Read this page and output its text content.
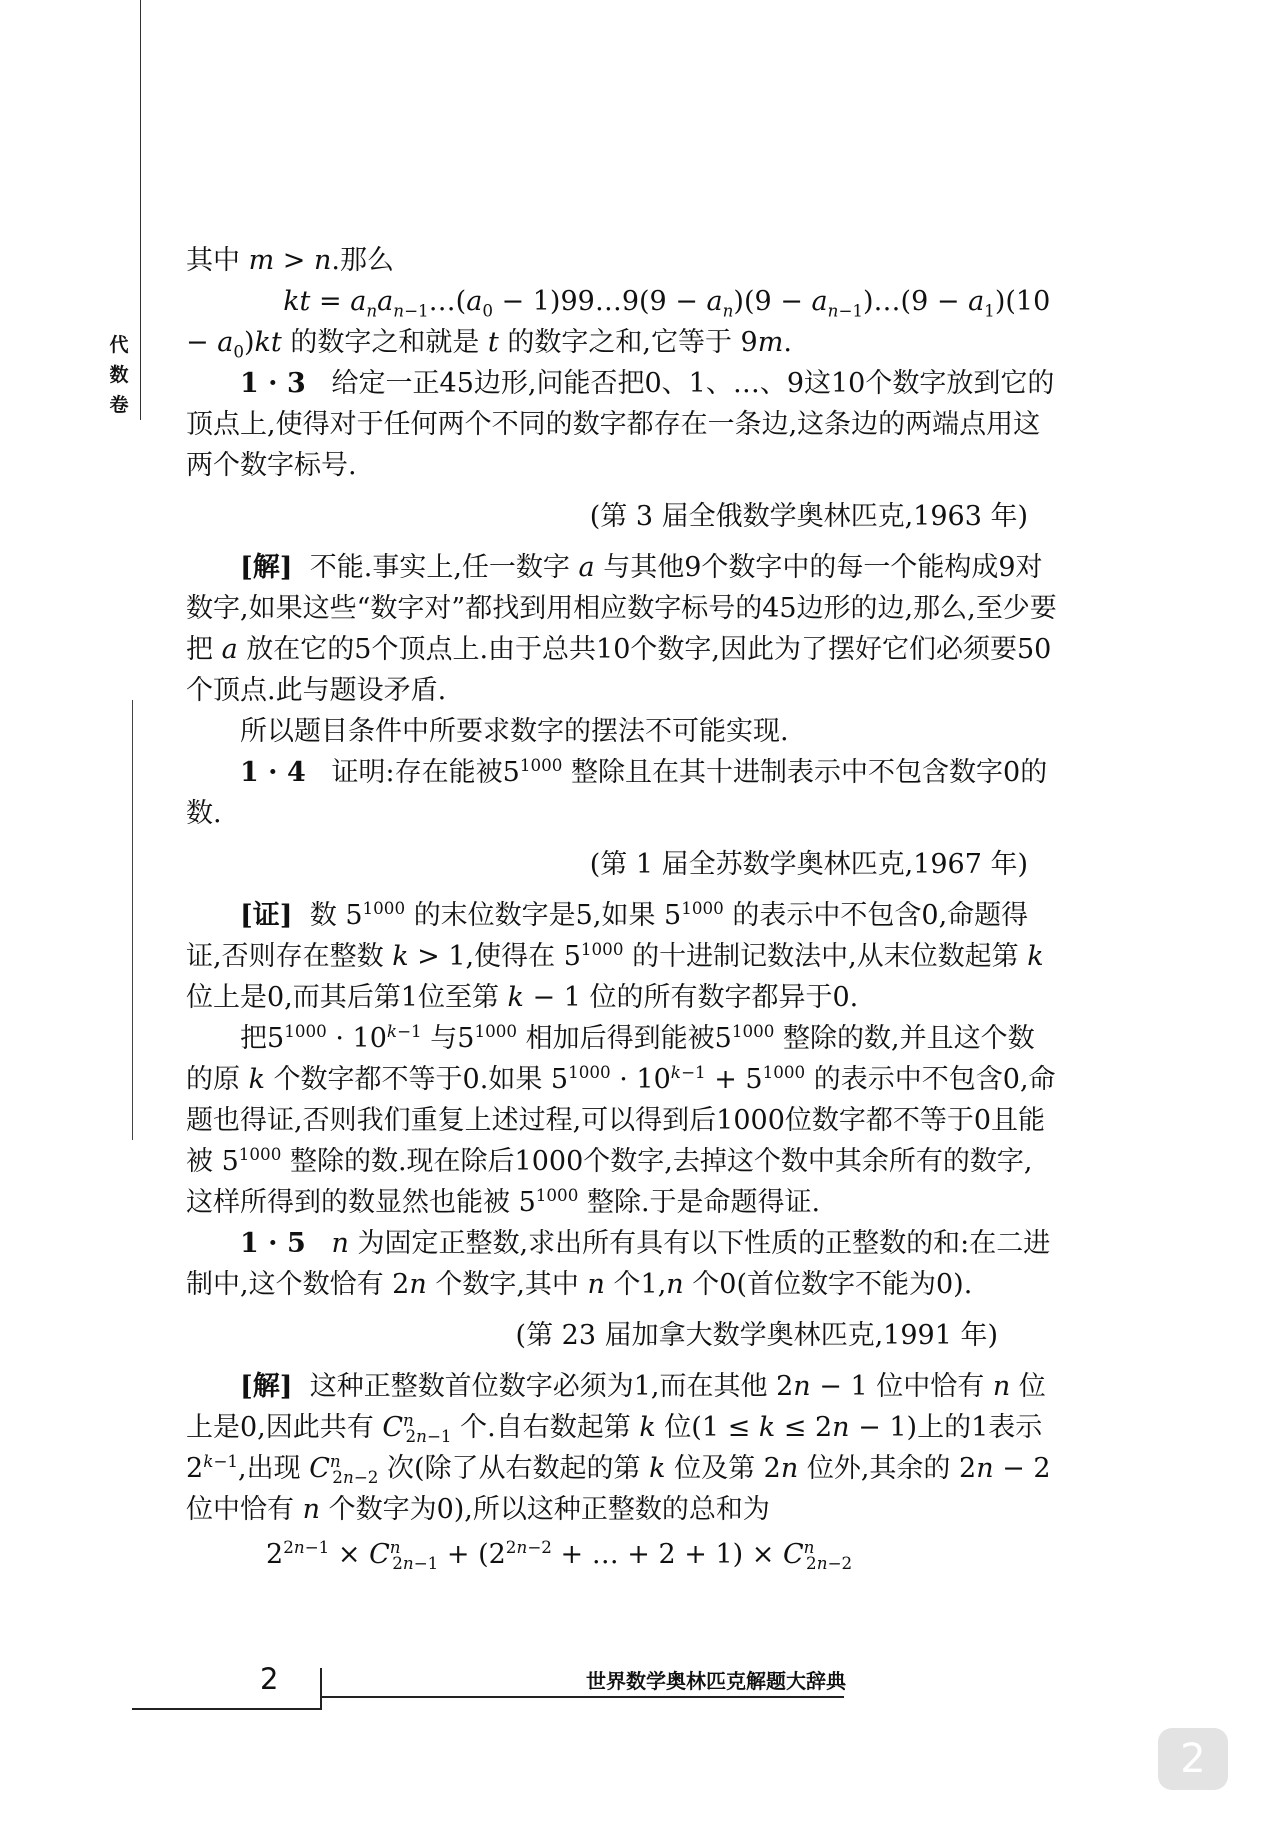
代
数
卷

其中 m > n.那么

kt = $a_na_{n-1}\dots(a_0$ − 1)99…9(9 − $a_n)(9$ − $a_{n-1})\dots(9 - a_1)(10 - a_0)kt$ 的数字之和就是 t 的数字之和,它等于 9m.

1 · 3 给定一正45边形,问能否把0、1、…、9这10个数字放到它的顶点上,使得对于任何两个不同的数字都存在一条边,这条边的两端点用这两个数字标号.

(第 3 届全俄数学奥林匹克,1963 年)

[解] 不能.事实上,任一数字 a 与其他9个数字中的每一个能构成9对数字,如果这些“数字对”都找到用相应数字标号的45边形的边,那么,至少要把 a 放在它的5个顶点上.由于总共10个数字,因此为了摆好它们必须要50个顶点.此与题设矛盾.

所以题目条件中所要求数字的摆法不可能实现.

1 · 4 证明:存在能被$5^{1000}$ 整除且在其十进制表示中不包含数字0的数.

(第 1 届全苏数学奥林匹克,1967 年)

[证] 数 $5^{1000}$ 的末位数字是5,如果 $5^{1000}$ 的表示中不包含0,命题得证,否则存在整数 k > 1,使得在 $5^{1000}$ 的十进制记数法中,从末位数起第 k 位上是0,而其后第1位至第 k − 1 位的所有数字都异于0.

把$5^{1000} \cdot 10^{k-1}$ 与$5^{1000}$ 相加后得到能被$5^{1000}$ 整除的数,并且这个数的原 k 个数字都不等于0.如果 $5^{1000} \cdot 10^{k-1} + 5^{1000}$ 的表示中不包含0,命题也得证,否则我们重复上述过程,可以得到后1000位数字都不等于0且能被 $5^{1000}$ 整除的数.现在除后1000个数字,去掉这个数中其余所有的数字,这样所得到的数显然也能被 $5^{1000}$ 整除.于是命题得证.

1 · 5 n 为固定正整数,求出所有具有以下性质的正整数的和:在二进制中,这个数恰有 2n 个数字,其中 n 个1,n 个0(首位数字不能为0).

(第 23 届加拿大数学奥林匹克,1991 年)

[解] 这种正整数首位数字必须为1,而在其他 2n − 1 位中恰有 n 位上是0,因此共有 $C^n_{2n-1}$ 个.自右数起第 k 位(1 ≤ k ≤ 2n − 1)上的1表示 $2^{k-1}$,出现 $C^n_{2n-2}$ 次(除了从右数起的第 k 位及第 2n 位外,其余的 2n − 2 位中恰有 n 个数字为0),所以这种正整数的总和为

$2^{2n-1} \times C^n_{2n-1} + (2^{2n-2}$ + … + $2 + 1) \times C^n_{2n-2}$

2	世界数学奥林匹克解题大辞典
2
